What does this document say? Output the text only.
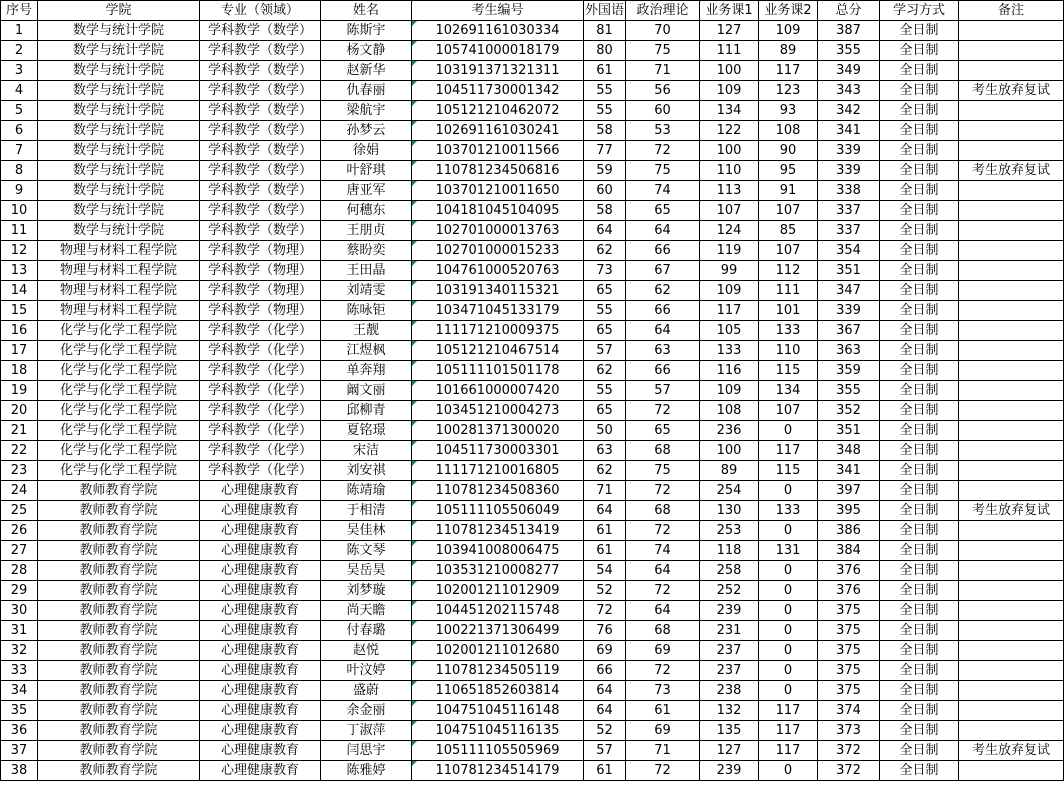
序号	学院	专业（领域）	姓名	考生编号	外国语	政治理论	业务课1	业务课2	总分	学习方式	备注
1	数学与统计学院	学科教学（数学）	陈斯宇	102691161030334	81	70	127	109	387	全日制	
2	数学与统计学院	学科教学（数学）	杨文静	105741000018179	80	75	111	89	355	全日制	
3	数学与统计学院	学科教学（数学）	赵新华	103191371321311	61	71	100	117	349	全日制	
4	数学与统计学院	学科教学（数学）	仇春丽	104511730001342	55	56	109	123	343	全日制	考生放弃复试
5	数学与统计学院	学科教学（数学）	梁航宇	105121210462072	55	60	134	93	342	全日制	
6	数学与统计学院	学科教学（数学）	孙梦云	102691161030241	58	53	122	108	341	全日制	
7	数学与统计学院	学科教学（数学）	徐娟	103701210011566	77	72	100	90	339	全日制	
8	数学与统计学院	学科教学（数学）	叶舒琪	110781234506816	59	75	110	95	339	全日制	考生放弃复试
9	数学与统计学院	学科教学（数学）	唐亚军	103701210011650	60	74	113	91	338	全日制	
10	数学与统计学院	学科教学（数学）	何穗东	104181045104095	58	65	107	107	337	全日制	
11	数学与统计学院	学科教学（数学）	王朋贞	102701000013763	64	64	124	85	337	全日制	
12	物理与材料工程学院	学科教学（物理）	蔡盼奕	102701000015233	62	66	119	107	354	全日制	
13	物理与材料工程学院	学科教学（物理）	王田晶	104761000520763	73	67	99	112	351	全日制	
14	物理与材料工程学院	学科教学（物理）	刘靖雯	103191340115321	65	62	109	111	347	全日制	
15	物理与材料工程学院	学科教学（物理）	陈咏钜	103471045133179	55	66	117	101	339	全日制	
16	化学与化学工程学院	学科教学（化学）	王靓	111171210009375	65	64	105	133	367	全日制	
17	化学与化学工程学院	学科教学（化学）	江煜枫	105121210467514	57	63	133	110	363	全日制	
18	化学与化学工程学院	学科教学（化学）	单奔翔	105111101501178	62	66	116	115	359	全日制	
19	化学与化学工程学院	学科教学（化学）	阚文丽	101661000007420	55	57	109	134	355	全日制	
20	化学与化学工程学院	学科教学（化学）	邱柳青	103451210004273	65	72	108	107	352	全日制	
21	化学与化学工程学院	学科教学（化学）	夏铭璟	100281371300020	50	65	236	0	351	全日制	
22	化学与化学工程学院	学科教学（化学）	宋洁	104511730003301	63	68	100	117	348	全日制	
23	化学与化学工程学院	学科教学（化学）	刘安祺	111171210016805	62	75	89	115	341	全日制	
24	教师教育学院	心理健康教育	陈靖瑜	110781234508360	71	72	254	0	397	全日制	
25	教师教育学院	心理健康教育	于相清	105111105506049	64	68	130	133	395	全日制	考生放弃复试
26	教师教育学院	心理健康教育	吴佳林	110781234513419	61	72	253	0	386	全日制	
27	教师教育学院	心理健康教育	陈文琴	103941008006475	61	74	118	131	384	全日制	
28	教师教育学院	心理健康教育	吴岳昊	103531210008277	54	64	258	0	376	全日制	
29	教师教育学院	心理健康教育	刘梦璇	102001211012909	52	72	252	0	376	全日制	
30	教师教育学院	心理健康教育	尚天瞻	104451202115748	72	64	239	0	375	全日制	
31	教师教育学院	心理健康教育	付春璐	100221371306499	76	68	231	0	375	全日制	
32	教师教育学院	心理健康教育	赵悦	102001211012680	69	69	237	0	375	全日制	
33	教师教育学院	心理健康教育	叶汶婷	110781234505119	66	72	237	0	375	全日制	
34	教师教育学院	心理健康教育	盛蔚	110651852603814	64	73	238	0	375	全日制	
35	教师教育学院	心理健康教育	余金丽	104751045116148	64	61	132	117	374	全日制	
36	教师教育学院	心理健康教育	丁淑萍	104751045116135	52	69	135	117	373	全日制	
37	教师教育学院	心理健康教育	闫思宇	105111105505969	57	71	127	117	372	全日制	考生放弃复试
38	教师教育学院	心理健康教育	陈雅婷	110781234514179	61	72	239	0	372	全日制	
